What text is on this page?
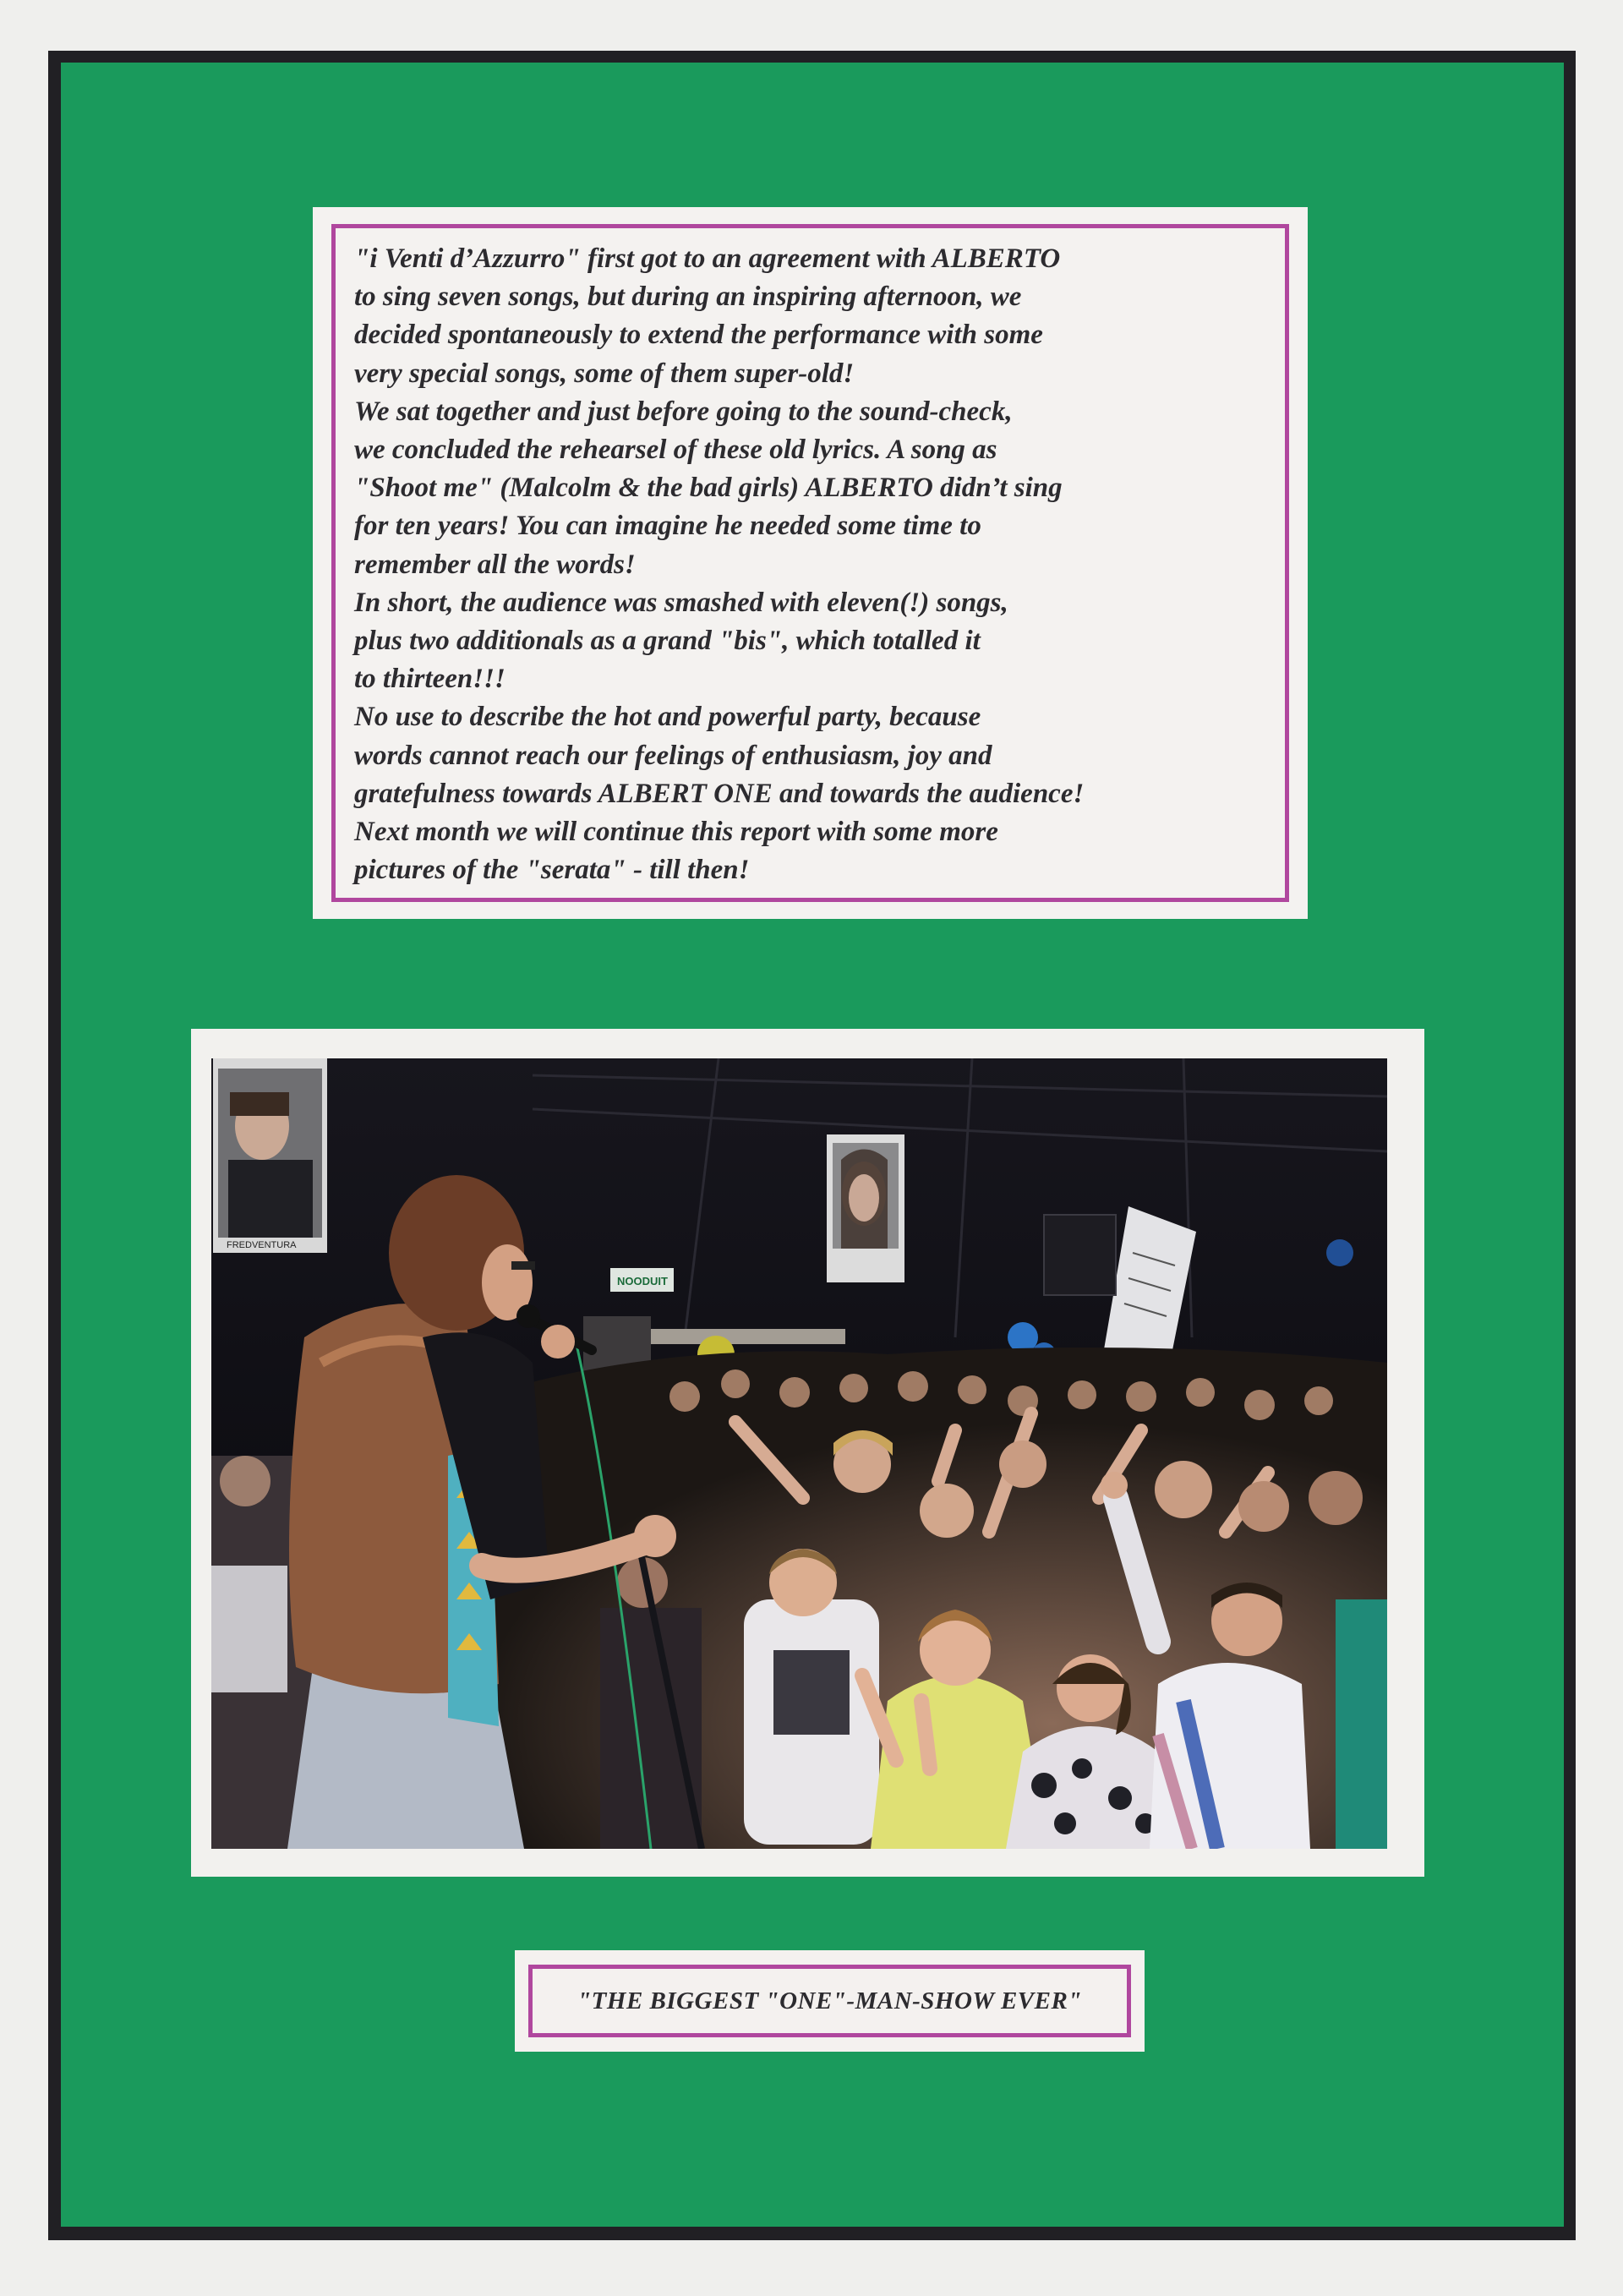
"i Venti d’Azzurro" first got to an agreement with ALBERTO

to sing seven songs, but during an inspiring afternoon, we

decided spontaneously to extend the performance with some

very special songs, some of them super-old!

We sat together and just before going to the sound-check,

we concluded the rehearsel of these old lyrics. A song as

"Shoot me" (Malcolm & the bad girls) ALBERTO didn’t sing

for ten years! You can imagine he needed some time to

remember all the words!

In short, the audience was smashed with eleven(!) songs,

plus two additionals as a grand "bis", which totalled it

to thirteen!!!

No use to describe the hot and powerful party, because

words cannot reach our feelings of enthusiasm, joy and

gratefulness towards ALBERT ONE and towards the audience!

Next month we will continue this report with some more

pictures of the "serata" - till then!

FREDVENTURA
NOODUIT
"THE BIGGEST "ONE"-MAN-SHOW EVER"
